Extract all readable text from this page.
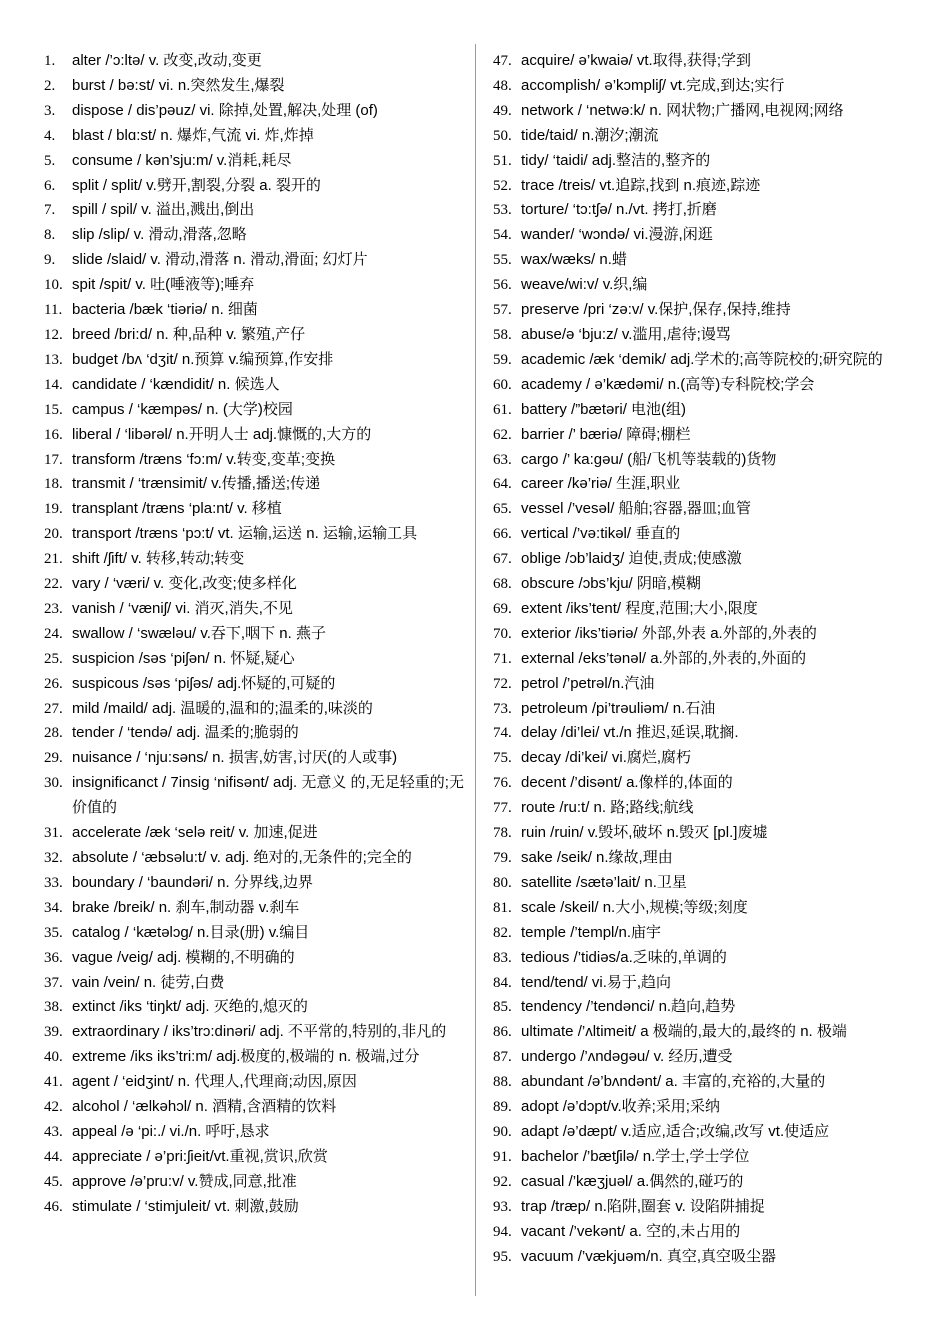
1.	alter /’ɔ:ltə/ v. 改变,改动,变更
2.	burst / bə:st/ vi. n.突然发生,爆裂
3.	dispose / dis’pəuz/ vi. 除掉,处置,解决,处理 (of)
4.	blast / blɑ:st/ n. 爆炸,气流 vi. 炸,炸掉
5.	consume / kən’sju:m/ v.消耗,耗尽
6.	split / split/ v.劈开,割裂,分裂 a. 裂开的
7.	spill / spil/ v. 溢出,溅出,倒出
8.	slip /slip/ v. 滑动,滑落,忽略
9.	slide /slaid/ v. 滑动,滑落 n. 滑动,滑面; 幻灯片
10. spit /spit/ v. 吐(唾液等);唾弃
11. bacteria /bæk ‘tiəriə/ n. 细菌
12. breed /bri:d/ n. 种,品种 v. 繁殖,产仔
13. budget /bʌ ‘dʒit/ n.预算 v.编预算,作安排
14. candidate / ‘kændidit/ n. 候选人
15. campus / ‘kæmpəs/ n. (大学)校园
16. liberal / ‘libərəl/ n.开明人士 adj.慷慨的,大方的
17. transform /træns ‘fɔ:m/ v.转变,变革;变换
18. transmit / ‘trænsimit/ v.传播,播送;传递
19. transplant /træns ‘pla:nt/ v. 移植
20. transport /træns ‘pɔ:t/ vt. 运输,运送 n. 运输,运输工具
21. shift /ʃift/ v. 转移,转动;转变
22. vary / ‘væri/ v. 变化,改变;使多样化
23. vanish / ‘væniʃ/ vi. 消灭,消失,不见
24. swallow / ‘swæləu/ v.吞下,咽下 n. 燕子
25. suspicion /səs ‘piʃən/ n. 怀疑,疑心
26. suspicous /səs ‘piʃəs/ adj.怀疑的,可疑的
27. mild /maild/ adj. 温暖的,温和的;温柔的,味淡的
28. tender / ‘tendə/ adj. 温柔的;脆弱的
29. nuisance / ‘nju:səns/ n. 损害,妨害,讨厌(的人或事)
30. insignificanct / 7insig ‘nifisənt/ adj. 无意义 的,无足轻重的;无价值的
31. accelerate /æk ‘selə reit/ v. 加速,促进
32. absolute / ‘æbsəlu:t/ v. adj. 绝对的,无条件的;完全的
33. boundary / ‘baundəri/ n. 分界线,边界
34. brake /breik/ n. 刹车,制动器 v.刹车
35. catalog / ‘kætəlɔg/ n.目录(册) v.编目
36. vague /veig/ adj. 模糊的,不明确的
37. vain /vein/ n. 徒劳,白费
38. extinct /iks ‘tiŋkt/ adj. 灭绝的,熄灭的
39. extraordinary / iks’trɔ:dinəri/ adj. 不平常的,特别的,非凡的
40. extreme /iks iks’tri:m/ adj.极度的,极端的 n. 极端,过分
41. agent / ‘eidʒint/ n. 代理人,代理商;动因,原因
42. alcohol / ‘ælkəhɔl/ n. 酒精,含酒精的饮料
43. appeal /ə ‘pi:./ vi./n. 呼吁,恳求
44. appreciate / ə’pri:ʃieit/vt.重视,赏识,欣赏
45. approve /ə’pru:v/ v.赞成,同意,批准
46. stimulate / ‘stimjuleit/ vt. 刺激,鼓励
47. acquire/ ə’kwaiə/ vt.取得,获得;学到
48. accomplish/ ə’kɔmpliʃ/ vt.完成,到达;实行
49. network / ‘netwə:k/ n. 网状物;广播网,电视网;网络
50. tide/taid/ n.潮汐;潮流
51. tidy/ ‘taidi/ adj.整洁的,整齐的
52. trace /treis/ vt.追踪,找到 n.痕迹,踪迹
53. torture/ ‘tɔ:tʃə/ n./vt. 拷打,折磨
54. wander/ ‘wɔndə/ vi.漫游,闲逛
55. wax/wæks/ n.蜡
56. weave/wi:v/ v.织,编
57. preserve /pri ‘zə:v/ v.保护,保存,保持,维持
58. abuse/ə ‘bju:z/ v.滥用,虐待;谩骂
59. academic /æk ‘demik/ adj.学术的;高等院校的;研究院的
60. academy / ə’kædəmi/ n.(高等)专科院校;学会
61. battery /”bætəri/ 电池(组)
62. barrier /’ bæriə/ 障碍;棚栏
63. cargo /’ ka:gəu/ (船/飞机等装载的)货物
64. career /kə’riə/ 生涯,职业
65. vessel /’vesəl/ 船舶;容器,器皿;血管
66. vertical /’və:tikəl/ 垂直的
67. oblige /ɔb’laidʒ/ 迫使,责成;使感激
68. obscure /ɔbs’kju/ 阴暗,模糊
69. extent /iks’tent/ 程度,范围;大小,限度
70. exterior /iks’tiəriə/ 外部,外表 a.外部的,外表的
71. external /eks’tənəl/ a.外部的,外表的,外面的
72. petrol /’petrəl/n.汽油
73. petroleum /pi’trəuliəm/ n.石油
74. delay /di’lei/ vt./n 推迟,延误,耽搁.
75. decay /di’kei/ vi.腐烂,腐朽
76. decent /’disənt/ a.像样的,体面的
77. route /ru:t/ n. 路;路线;航线
78. ruin /ruin/ v.毁坏,破坏 n.毁灭 [pl.]废墟
79. sake /seik/ n.缘故,理由
80. satellite /sætə’lait/ n.卫星
81. scale /skeil/ n.大小,规模;等级;刻度
82. temple /’templ/n.庙宇
83. tedious /’tidiəs/a.乏味的,单调的
84. tend/tend/ vi.易于,趋向
85. tendency /’tendənci/ n.趋向,趋势
86. ultimate /’ʌltimeit/ a 极端的,最大的,最终的 n. 极端
87. undergo /’ʌndəgəu/ v. 经历,遭受
88. abundant /ə’bʌndənt/ a. 丰富的,充裕的,大量的
89. adopt /ə’dɔpt/v.收养;采用;采纳
90. adapt /ə’dæpt/ v.适应,适合;改编,改写 vt.使适应
91. bachelor /’bætʃilə/ n.学士,学士学位
92. casual /’kæʒjuəl/ a.偶然的,碰巧的
93. trap /træp/ n.陷阱,圈套 v. 设陷阱捕捉
94. vacant /’vekənt/ a. 空的,未占用的
95. vacuum /’vækjuəm/n. 真空,真空吸尘器
